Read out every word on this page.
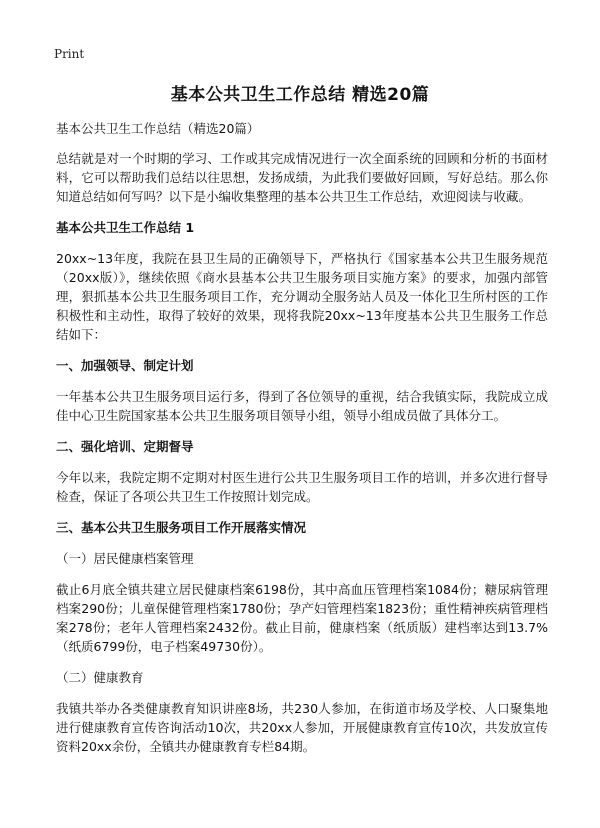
Print
基本公共卫生工作总结 精选20篇

基本公共卫生工作总结（精选20篇）

总结就是对一个时期的学习、工作或其完成情况进行一次全面系统的回顾和分析的书面材料，它可以帮助我们总结以往思想，发扬成绩，为此我们要做好回顾，写好总结。那么你知道总结如何写吗？以下是小编收集整理的基本公共卫生工作总结，欢迎阅读与收藏。

基本公共卫生工作总结 1

20xx~13年度，我院在县卫生局的正确领导下，严格执行《国家基本公共卫生服务规范（20xx版）》，继续依照《商水县基本公共卫生服务项目实施方案》的要求，加强内部管理，狠抓基本公共卫生服务项目工作，充分调动全服务站人员及一体化卫生所村医的工作积极性和主动性，取得了较好的效果，现将我院20xx~13年度基本公共卫生服务工作总结如下：

一、加强领导、制定计划

一年基本公共卫生服务项目运行多，得到了各位领导的重视，结合我镇实际，我院成立成佳中心卫生院国家基本公共卫生服务项目领导小组，领导小组成员做了具体分工。

二、强化培训、定期督导

今年以来，我院定期不定期对村医生进行公共卫生服务项目工作的培训，并多次进行督导检查，保证了各项公共卫生工作按照计划完成。

三、基本公共卫生服务项目工作开展落实情况

（一）居民健康档案管理

截止6月底全镇共建立居民健康档案6198份，其中高血压管理档案1084份；糖尿病管理档案290份；儿童保健管理档案1780份；孕产妇管理档案1823份；重性精神疾病管理档案278份；老年人管理档案2432份。截止目前，健康档案（纸质版）建档率达到13.7%（纸质6799份，电子档案49730份）。

（二）健康教育

我镇共举办各类健康教育知识讲座8场，共230人参加，在街道市场及学校、人口聚集地进行健康教育宣传咨询活动10次，共20xx人参加，开展健康教育宣传10次，共发放宣传资料20xx余份，全镇共办健康教育专栏84期。
